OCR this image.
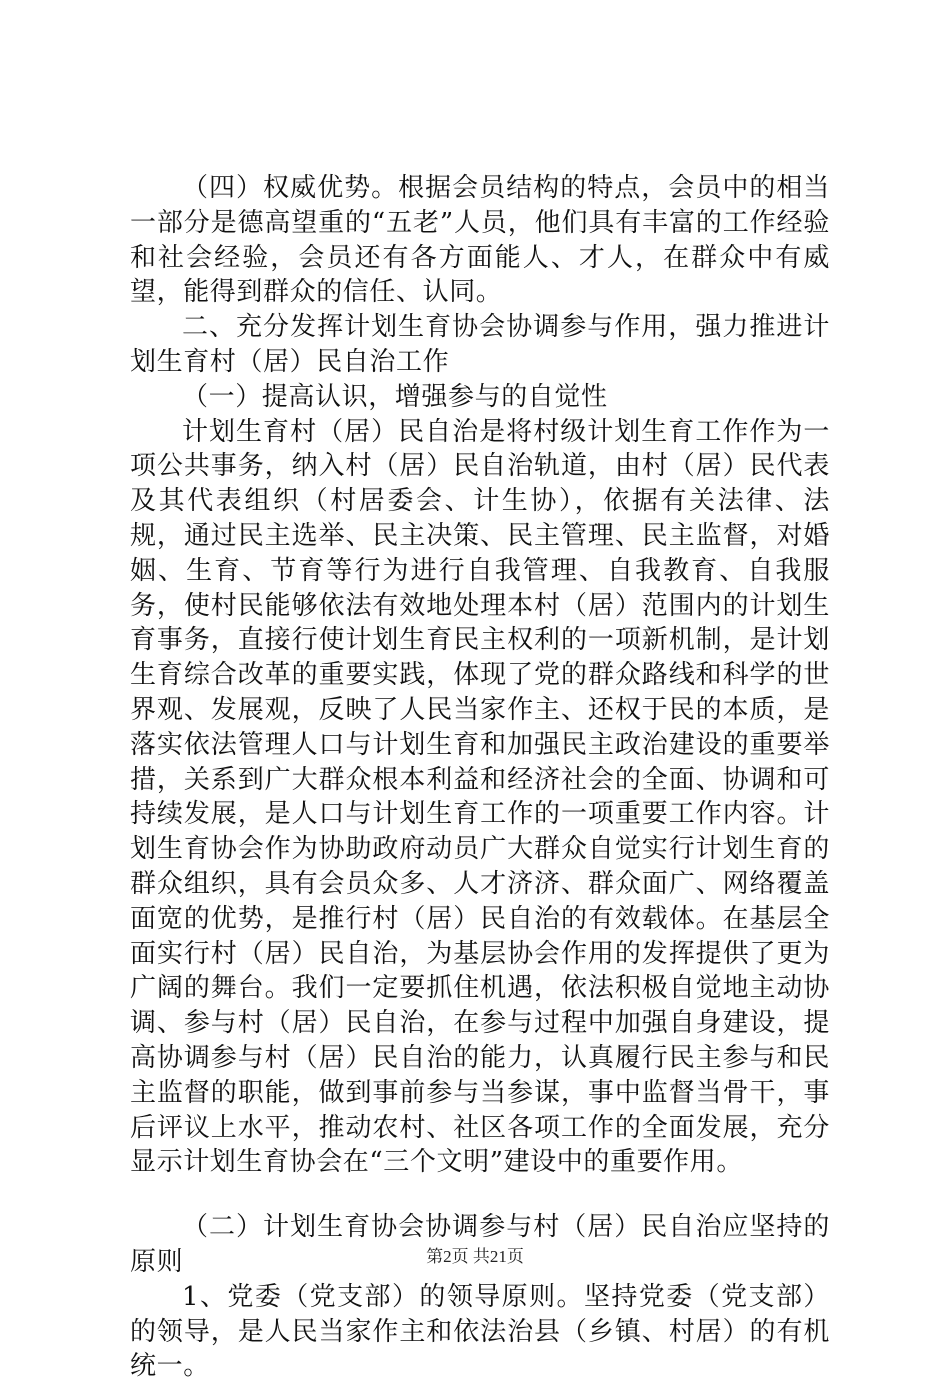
（四）权威优势。根据会员结构的特点，会员中的相当一部分是德高望重的“五老”人员，他们具有丰富的工作经验和社会经验，会员还有各方面能人、才人，在群众中有威望，能得到群众的信任、认同。

二、充分发挥计划生育协会协调参与作用，强力推进计划生育村（居）民自治工作

（一）提高认识，增强参与的自觉性

计划生育村（居）民自治是将村级计划生育工作作为一项公共事务，纳入村（居）民自治轨道，由村（居）民代表及其代表组织（村居委会、计生协），依据有关法律、法规，通过民主选举、民主决策、民主管理、民主监督，对婚姻、生育、节育等行为进行自我管理、自我教育、自我服务，使村民能够依法有效地处理本村（居）范围内的计划生育事务，直接行使计划生育民主权利的一项新机制，是计划生育综合改革的重要实践，体现了党的群众路线和科学的世界观、发展观，反映了人民当家作主、还权于民的本质，是落实依法管理人口与计划生育和加强民主政治建设的重要举措，关系到广大群众根本利益和经济社会的全面、协调和可持续发展，是人口与计划生育工作的一项重要工作内容。计划生育协会作为协助政府动员广大群众自觉实行计划生育的群众组织，具有会员众多、人才济济、群众面广、网络覆盖面宽的优势，是推行村（居）民自治的有效载体。在基层全面实行村（居）民自治，为基层协会作用的发挥提供了更为广阔的舞台。我们一定要抓住机遇，依法积极自觉地主动协调、参与村（居）民自治，在参与过程中加强自身建设，提高协调参与村（居）民自治的能力，认真履行民主参与和民主监督的职能，做到事前参与当参谋，事中监督当骨干，事后评议上水平，推动农村、社区各项工作的全面发展，充分显示计划生育协会在“三个文明”建设中的重要作用。

（二）计划生育协会协调参与村（居）民自治应坚持的原则

1、党委（党支部）的领导原则。坚持党委（党支部）的领导，是人民当家作主和依法治县（乡镇、村居）的有机统一。

第2页 共21页
